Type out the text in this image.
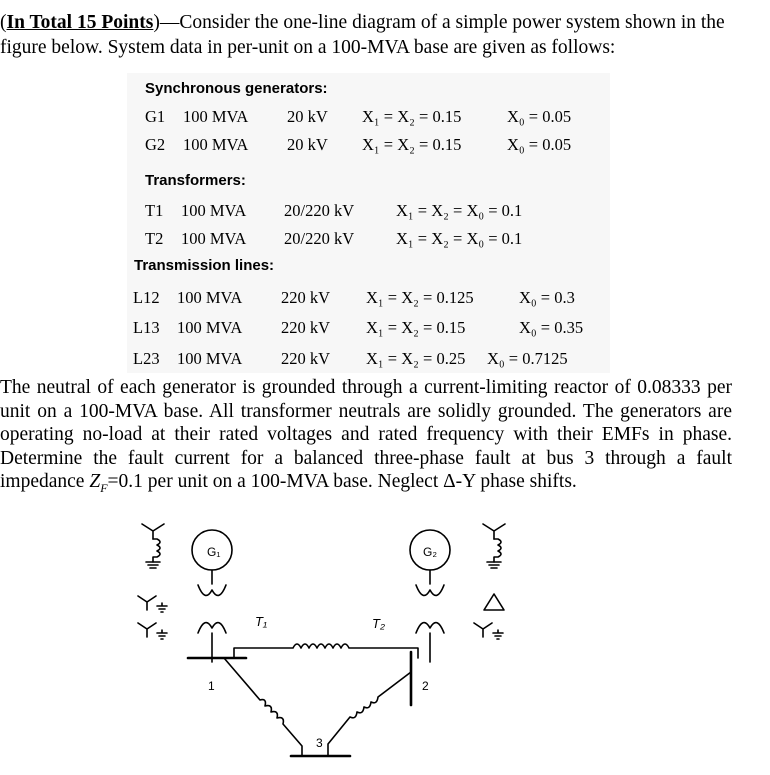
(In Total 15 Points)—Consider the one-line diagram of a simple power system shown in the figure below. System data in per-unit on a 100-MVA base are given as follows:
Synchronous generators:
G1 100 MVA 20 kV X₁ = X₂ = 0.15	X₀ = 0.05
G2 100 MVA 20 kV X₁ = X₂ = 0.15	X₀ = 0.05
Transformers:
T1 100 MVA 20/220 kV	X₁ = X₂ = X₀ = 0.1
T2 100 MVA 20/220 kV	X₁ = X₂ = X₀ = 0.1
Transmission lines:
L12 100 MVA 220 kV X₁ = X₂ = 0.125	X₀ = 0.3
L13 100 MVA 220 kV X₁ = X₂ = 0.15	X₀ = 0.35
L23 100 MVA 220 kV X₁ = X₂ = 0.25 X₀ = 0.7125
The neutral of each generator is grounded through a current-limiting reactor of 0.08333 per unit on a 100-MVA base. All transformer neutrals are solidly grounded. The generators are operating no-load at their rated voltages and rated frequency with their EMFs in phase. Determine the fault current for a balanced three-phase fault at bus 3 through a fault impedance $Z_F=0.1$ per unit on a 100-MVA base. Neglect Δ-Y phase shifts.
G₁
T₁
1
G₂
T₂
2
3
